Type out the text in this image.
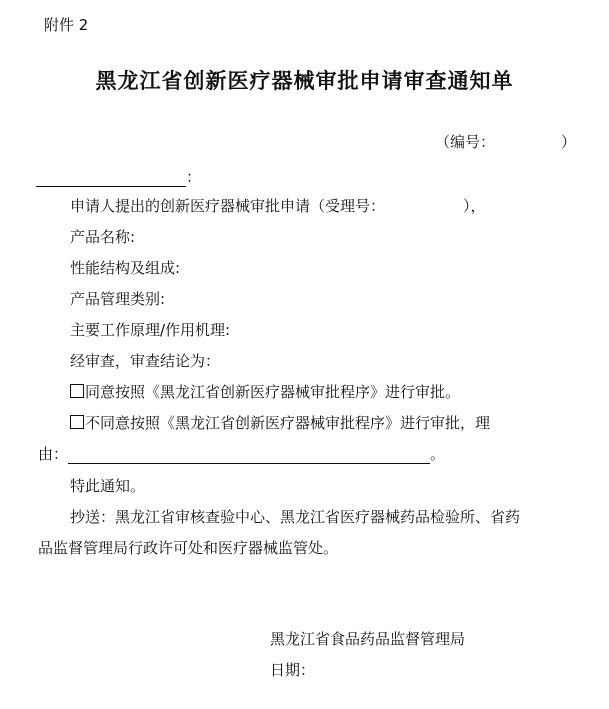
附件 2
黑龙江省创新医疗器械审批申请审查通知单
（编号：	）
：
申请人提出的创新医疗器械审批申请（受理号：	），
产品名称:
性能结构及组成:
产品管理类别:
主要工作原理/作用机理:
经审查，审查结论为：
同意按照《黑龙江省创新医疗器械审批程序》进行审批。
不同意按照《黑龙江省创新医疗器械审批程序》进行审批，理
由：	。
特此通知。
抄送：黑龙江省审核查验中心、黑龙江省医疗器械药品检验所、省药
品监督管理局行政许可处和医疗器械监管处。
黑龙江省食品药品监督管理局
日期：
